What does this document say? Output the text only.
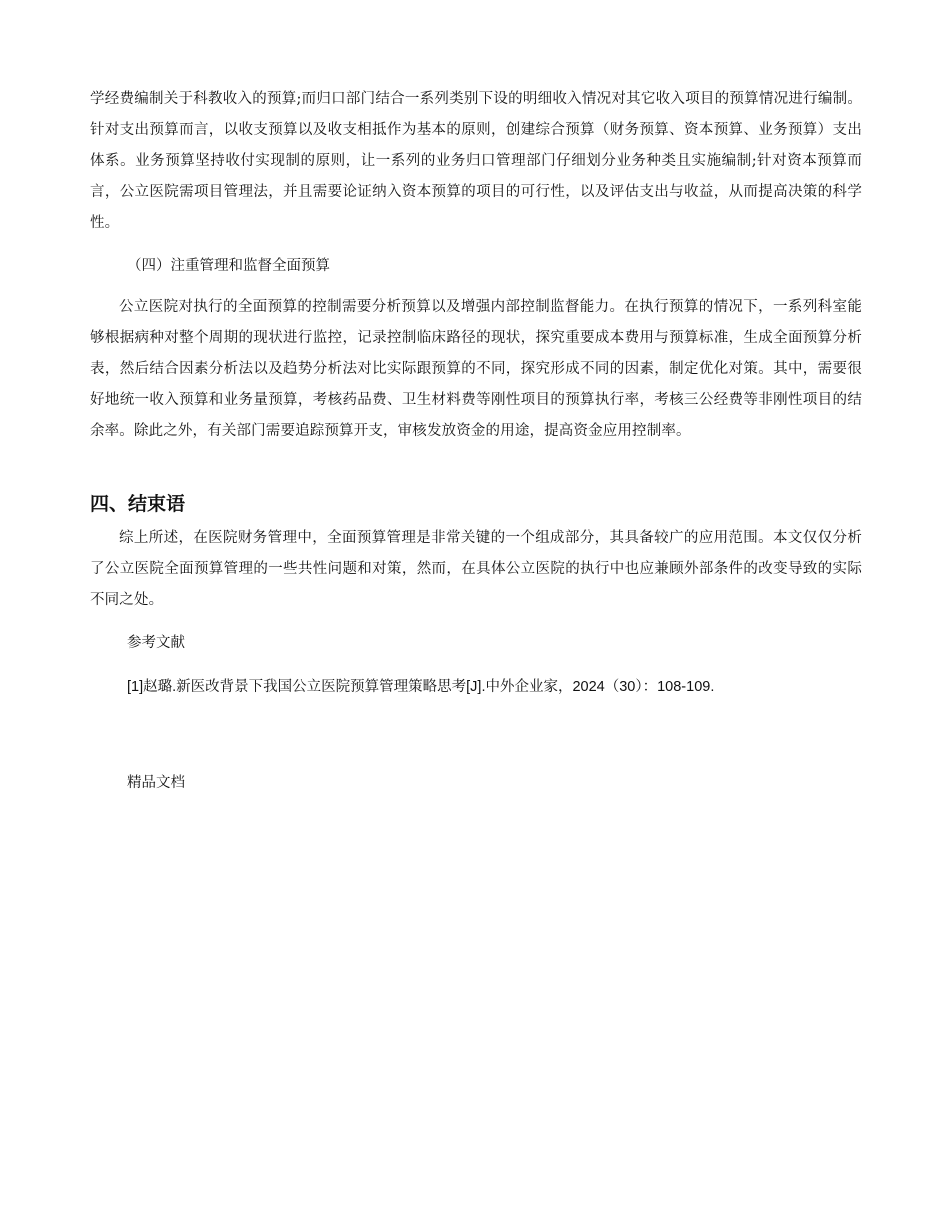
学经费编制关于科教收入的预算;而归口部门结合一系列类别下设的明细收入情况对其它收入项目的预算情况进行编制。针对支出预算而言，以收支预算以及收支相抵作为基本的原则，创建综合预算（财务预算、资本预算、业务预算）支出体系。业务预算坚持收付实现制的原则，让一系列的业务归口管理部门仔细划分业务种类且实施编制;针对资本预算而言，公立医院需项目管理法，并且需要论证纳入资本预算的项目的可行性，以及评估支出与收益，从而提高决策的科学性。

（四）注重管理和监督全面预算

公立医院对执行的全面预算的控制需要分析预算以及增强内部控制监督能力。在执行预算的情况下，一系列科室能够根据病种对整个周期的现状进行监控，记录控制临床路径的现状，探究重要成本费用与预算标准，生成全面预算分析表，然后结合因素分析法以及趋势分析法对比实际跟预算的不同，探究形成不同的因素，制定优化对策。其中，需要很好地统一收入预算和业务量预算，考核药品费、卫生材料费等刚性项目的预算执行率，考核三公经费等非刚性项目的结余率。除此之外，有关部门需要追踪预算开支，审核发放资金的用途，提高资金应用控制率。

四、结束语

综上所述，在医院财务管理中，全面预算管理是非常关键的一个组成部分，其具备较广的应用范围。本文仅仅分析了公立医院全面预算管理的一些共性问题和对策，然而，在具体公立医院的执行中也应兼顾外部条件的改变导致的实际不同之处。

参考文献

[1]赵璐.新医改背景下我国公立医院预算管理策略思考[J].中外企业家，2024（30）：108-109.

精品文档
